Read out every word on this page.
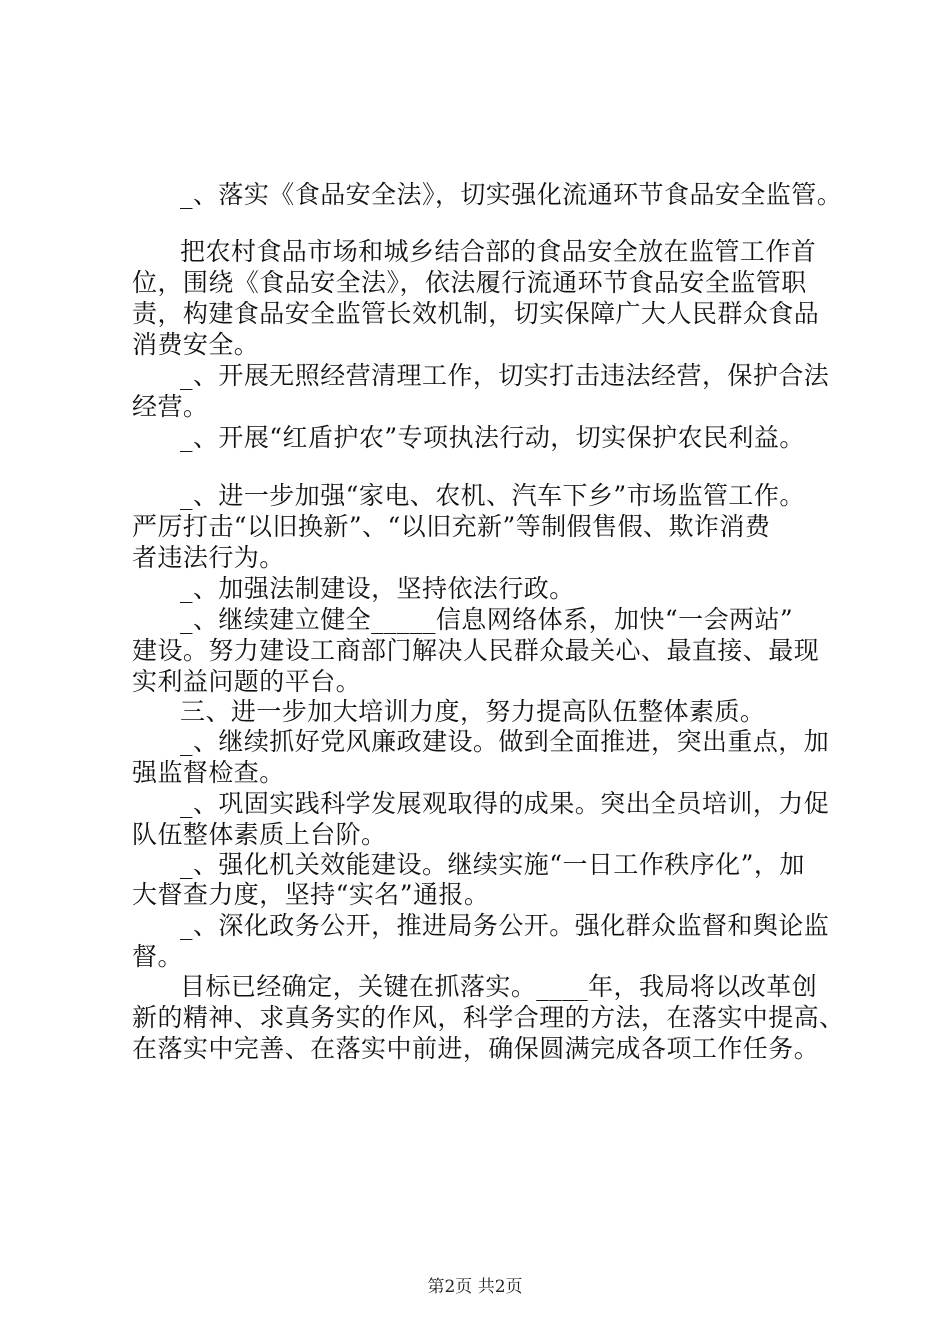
_、落实《食品安全法》，切实强化流通环节食品安全监管。

把农村食品市场和城乡结合部的食品安全放在监管工作首

位，围绕《食品安全法》，依法履行流通环节食品安全监管职

责，构建食品安全监管长效机制，切实保障广大人民群众食品

消费安全。

_、开展无照经营清理工作，切实打击违法经营，保护合法

经营。

_、开展“红盾护农”专项执法行动，切实保护农民利益。

_、进一步加强“家电、农机、汽车下乡”市场监管工作。

严厉打击“以旧换新”、“以旧充新”等制假售假、欺诈消费

者违法行为。

_、加强法制建设，坚持依法行政。

_、继续建立健全_____信息网络体系，加快“一会两站”

建设。努力建设工商部门解决人民群众最关心、最直接、最现

实利益问题的平台。

三、进一步加大培训力度，努力提高队伍整体素质。

_、继续抓好党风廉政建设。做到全面推进，突出重点，加

强监督检查。

_、巩固实践科学发展观取得的成果。突出全员培训，力促

队伍整体素质上台阶。

_、强化机关效能建设。继续实施“一日工作秩序化”，加

大督查力度，坚持“实名”通报。

_、深化政务公开，推进局务公开。强化群众监督和舆论监

督。

目标已经确定，关键在抓落实。____年，我局将以改革创

新的精神、求真务实的作风，科学合理的方法，在落实中提高、

在落实中完善、在落实中前进，确保圆满完成各项工作任务。

第2页 共2页
